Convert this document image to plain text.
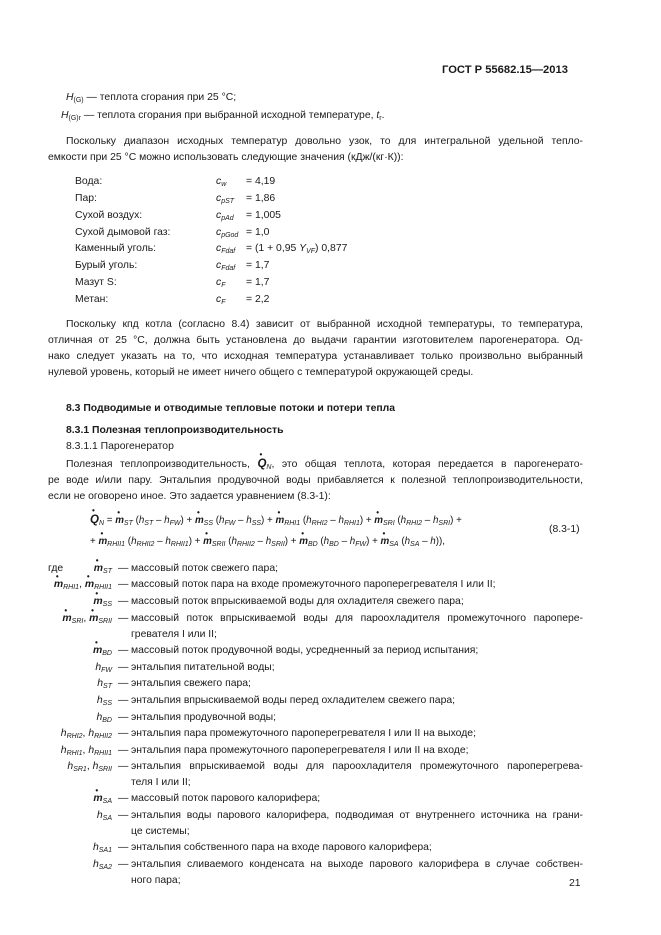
ГОСТ Р 55682.15—2013
$H_{(G)}$ — теплота сгорания при 25 °С;
$H_{(G)r}$ — теплота сгорания при выбранной исходной температуре, $t_r$.
Поскольку диапазон исходных температур довольно узок, то для интегральной удельной тепло-
емкости при 25 °С можно использовать следующие значения (кДж/(кг·К)):
Вода:	$c_w = 4,19$
Пар:	$c_{pST} = 1,86$
Сухой воздух:	$c_{pAd} = 1,005$
Сухой дымовой газ:	$c_{pGod} = 1,0$
Каменный уголь:	$c_{Fdaf} = (1 + 0,95$ $Y_{VF}$) 0,877
Бурый уголь:	$c_{Fdaf} = 1,7$
Мазут S:	$c_F = 1,7$
Метан:	$c_F = 2,2$
Поскольку кпд котла (согласно 8.4) зависит от выбранной исходной температуры, то температура,
отличная от 25 °С, должна быть установлена до выдачи гарантии изготовителем парогенератора. Од-
нако следует указать на то, что исходная температура устанавливает только произвольно выбранный
нулевой уровень, который не имеет ничего общего с температурой окружающей среды.
8.3 Подводимые и отводимые тепловые потоки и потери тепла
8.3.1 Полезная теплопроизводительность
8.3.1.1 Парогенератор
Полезная теплопроизводительность, Q $•_N$, это общая теплота, которая передается в парогенерато-
ре воде и/или пару. Энтальпия продувочной воды прибавляется к полезной теплопроизводительности,
если не оговорено иное. Это задается уравнением (8.3-1):
Q $•_N = m$ $•_{ST}$ $(h_{ST} - h_{FW}) + m$ $•_{SS}$ $(h_{FW} - h_{SS}) + m$ $•_{RHI1}$ $(h_{RHI2} - h_{RHI1}) + m$ $•_{SRI}$ $(h_{RHI2} - h_{SRI})$ +
+ m $•_{RHII1}$ $(h_{RHII2} - h_{RHII1}) + m$ $•_{SRII}$ $(h_{RHII2} - h_{SRII}) + m$ $•_{BD}$ $(h_{BD} - h_{FW}) + m$ $•_{SA}$ $(h_{SA} - h)$),
(8.3-1)
где	m $•_{ST}$ — массовый поток свежего пара;
m $•_{RHI1}$, m $•_{RHII1}$ — массовый поток пара на входе промежуточного пароперегревателя I или II;
m $•_{SS}$ — массовый поток впрыскиваемой воды для охладителя свежего пара;
m $•_{SRI}$, m $•_{SRII}$ — массовый поток впрыскиваемой воды для пароохладителя промежуточного паропере-
гревателя I или II;
m $•_{BD}$ — массовый поток продувочной воды, усредненный за период испытания;
$h_{FW}$ — энтальпия питательной воды;
$h_{ST}$ — энтальпия свежего пара;
$h_{SS}$ — энтальпия впрыскиваемой воды перед охладителем свежего пара;
$h_{BD}$ — энтальпия продувочной воды;
$h_{RHI2}$, $h_{RHII2}$ — энтальпия пара промежуточного пароперегревателя I или II на выходе;
$h_{RHI1}$, $h_{RHII1}$ — энтальпия пара промежуточного пароперегревателя I или II на входе;
$h_{SR1}$, $h_{SRII}$ — энтальпия впрыскиваемой воды для пароохладителя промежуточного пароперегрева-
теля I или II;
m $•_{SA}$ — массовый поток парового калорифера;
$h_{SA}$ — энтальпия воды парового калорифера, подводимая от внутреннего источника на грани-
це системы;
$h_{SA1}$ — энтальпия собственного пара на входе парового калорифера;
$h_{SA2}$ — энтальпия сливаемого конденсата на выходе парового калорифера в случае собствен-
ного пара;	21
